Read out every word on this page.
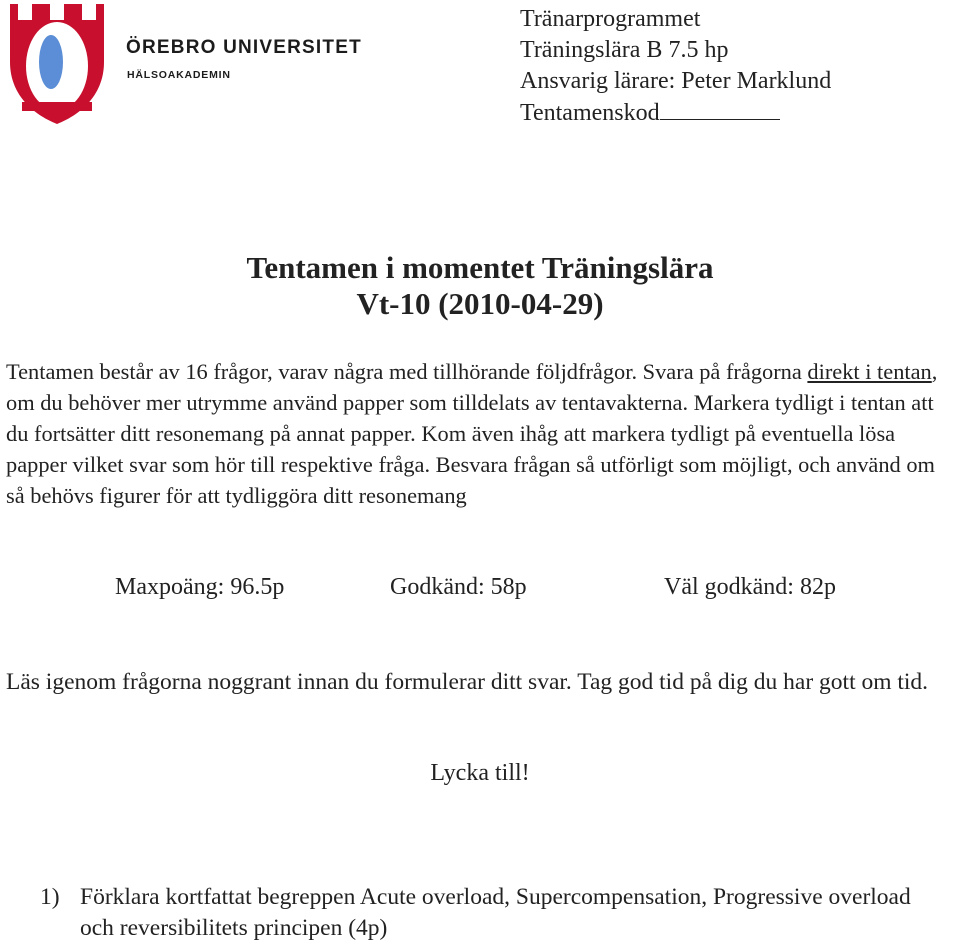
ÖREBRO UNIVERSITET
HÄLSOAKADEMIN
Tränarprogrammet
Träningslära B 7.5 hp
Ansvarig lärare: Peter Marklund
Tentamenskod
Tentamen i momentet Träningslära
Vt-10 (2010-04-29)
Tentamen består av 16 frågor, varav några med tillhörande följdfrågor. Svara på frågorna direkt i tentan, om du behöver mer utrymme använd papper som tilldelats av tentavakterna. Markera tydligt i tentan att du fortsätter ditt resonemang på annat papper. Kom även ihåg att markera tydligt på eventuella lösa papper vilket svar som hör till respektive fråga. Besvara frågan så utförligt som möjligt, och använd om så behövs figurer för att tydliggöra ditt resonemang
Maxpoäng: 96.5p	Godkänd: 58p	Väl godkänd: 82p
Läs igenom frågorna noggrant innan du formulerar ditt svar. Tag god tid på dig du har gott om tid.
Lycka till!
1) Förklara kortfattat begreppen Acute overload, Supercompensation, Progressive overload och reversibilitets principen (4p)
